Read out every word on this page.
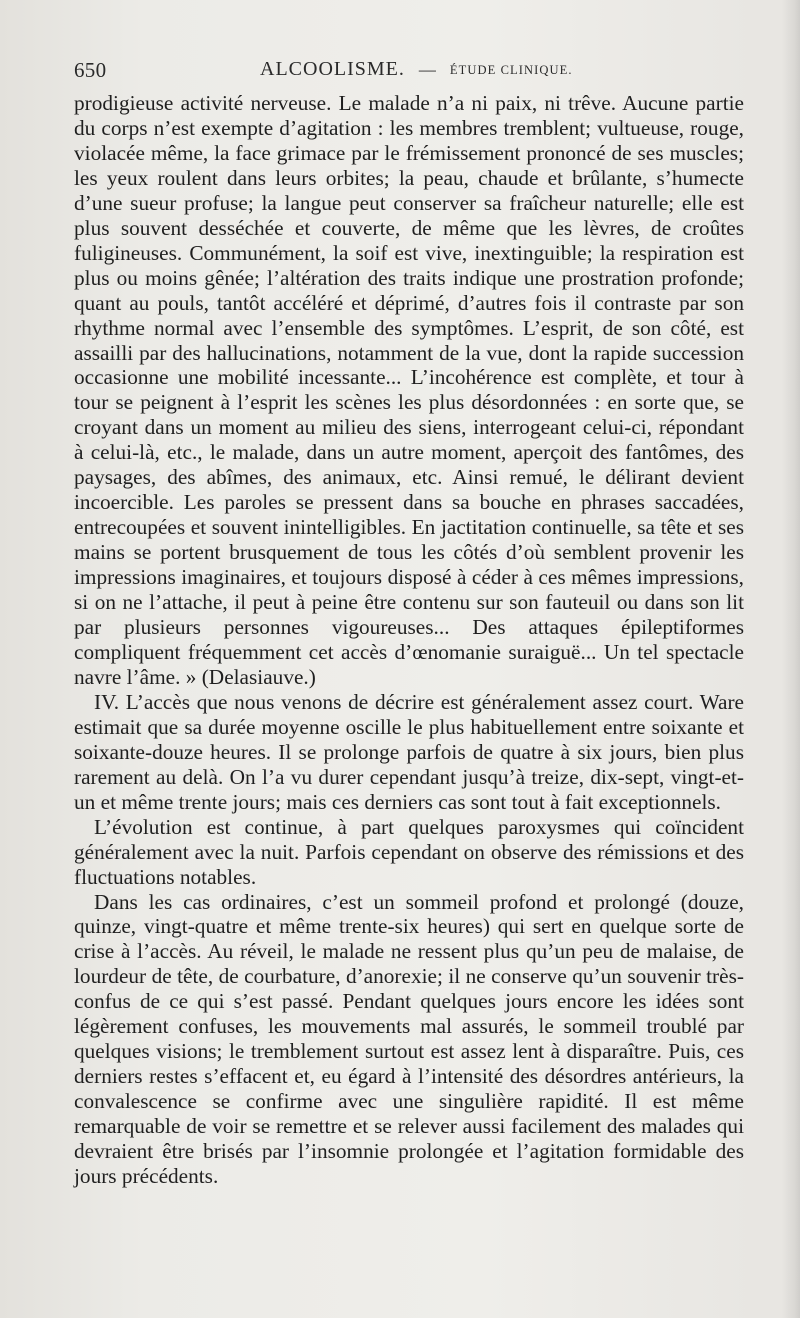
650	ALCOOLISME. — ÉTUDE CLINIQUE.

prodigieuse activité nerveuse. Le malade n’a ni paix, ni trêve. Aucune partie du corps n’est exempte d’agitation : les membres tremblent; vultueuse, rouge, violacée même, la face grimace par le frémissement prononcé de ses muscles; les yeux roulent dans leurs orbites; la peau, chaude et brûlante, s’humecte d’une sueur profuse; la langue peut conserver sa fraîcheur naturelle; elle est plus souvent desséchée et couverte, de même que les lèvres, de croûtes fuligineuses. Communément, la soif est vive, inextinguible; la respiration est plus ou moins gênée; l’altération des traits indique une prostration profonde; quant au pouls, tantôt accéléré et déprimé, d’autres fois il contraste par son rhythme normal avec l’ensemble des symptômes. L’esprit, de son côté, est assailli par des hallucinations, notamment de la vue, dont la rapide succession occasionne une mobilité incessante... L’incohérence est complète, et tour à tour se peignent à l’esprit les scènes les plus désordonnées : en sorte que, se croyant dans un moment au milieu des siens, interrogeant celui-ci, répondant à celui-là, etc., le malade, dans un autre moment, aperçoit des fantômes, des paysages, des abîmes, des animaux, etc. Ainsi remué, le délirant devient incoercible. Les paroles se pressent dans sa bouche en phrases saccadées, entrecoupées et souvent inintelligibles. En jactitation continuelle, sa tête et ses mains se portent brusquement de tous les côtés d’où semblent provenir les impressions imaginaires, et toujours disposé à céder à ces mêmes impressions, si on ne l’attache, il peut à peine être contenu sur son fauteuil ou dans son lit par plusieurs personnes vigoureuses... Des attaques épileptiformes compliquent fréquemment cet accès d’œnomanie suraiguë... Un tel spectacle navre l’âme. » (Delasiauve.)

IV. L’accès que nous venons de décrire est généralement assez court. Ware estimait que sa durée moyenne oscille le plus habituellement entre soixante et soixante-douze heures. Il se prolonge parfois de quatre à six jours, bien plus rarement au delà. On l’a vu durer cependant jusqu’à treize, dix-sept, vingt-et-un et même trente jours; mais ces derniers cas sont tout à fait exceptionnels.

L’évolution est continue, à part quelques paroxysmes qui coïncident généralement avec la nuit. Parfois cependant on observe des rémissions et des fluctuations notables.

Dans les cas ordinaires, c’est un sommeil profond et prolongé (douze, quinze, vingt-quatre et même trente-six heures) qui sert en quelque sorte de crise à l’accès. Au réveil, le malade ne ressent plus qu’un peu de malaise, de lourdeur de tête, de courbature, d’anorexie; il ne conserve qu’un souvenir très-confus de ce qui s’est passé. Pendant quelques jours encore les idées sont légèrement confuses, les mouvements mal assurés, le sommeil troublé par quelques visions; le tremblement surtout est assez lent à disparaître. Puis, ces derniers restes s’effacent et, eu égard à l’intensité des désordres antérieurs, la convalescence se confirme avec une singulière rapidité. Il est même remarquable de voir se remettre et se relever aussi facilement des malades qui devraient être brisés par l’insomnie prolongée et l’agitation formidable des jours précédents.
